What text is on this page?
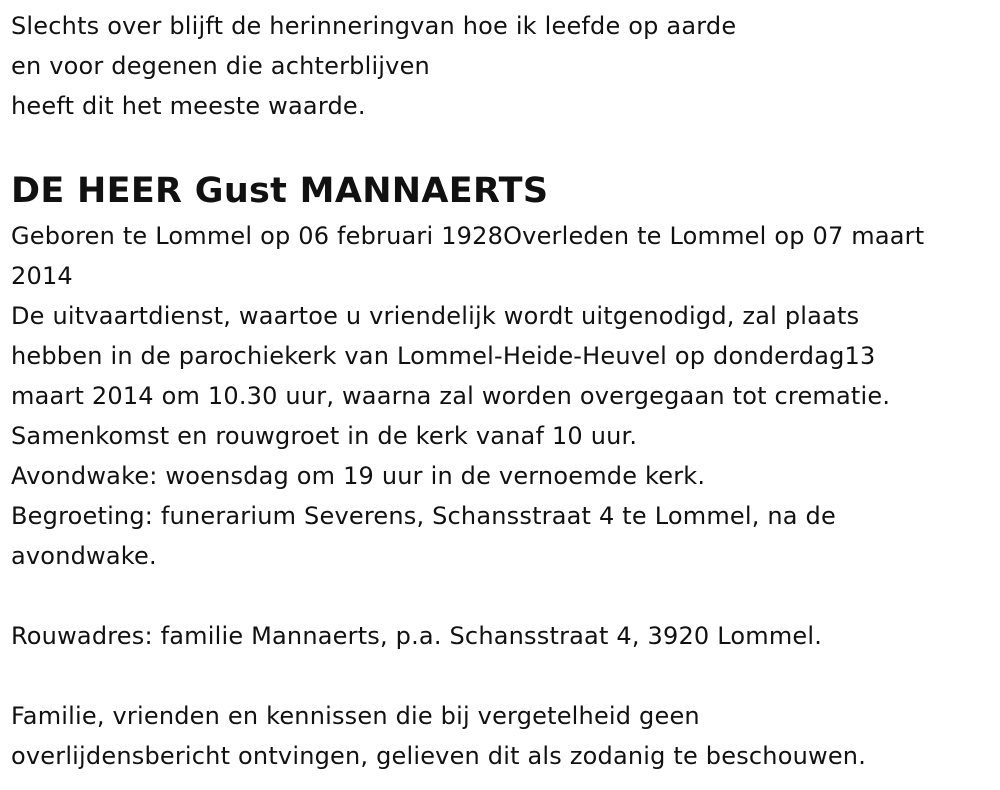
Slechts over blijft de herinneringvan hoe ik leefde op aarde

en voor degenen die achterblijven

heeft dit het meeste waarde.

DE HEER Gust MANNAERTS

Geboren te Lommel op 06 februari 1928Overleden te Lommel op 07 maart 2014

De uitvaartdienst, waartoe u vriendelijk wordt uitgenodigd, zal plaats

hebben in de parochiekerk van Lommel-Heide-Heuvel op donderdag13

maart 2014 om 10.30 uur, waarna zal worden overgegaan tot crematie.

Samenkomst en rouwgroet in de kerk vanaf 10 uur.

Avondwake: woensdag om 19 uur in de vernoemde kerk.

Begroeting: funerarium Severens, Schansstraat 4 te Lommel, na de

avondwake.

Rouwadres: familie Mannaerts, p.a. Schansstraat 4, 3920 Lommel.

Familie, vrienden en kennissen die bij vergetelheid geen

overlijdensbericht ontvingen, gelieven dit als zodanig te beschouwen.
